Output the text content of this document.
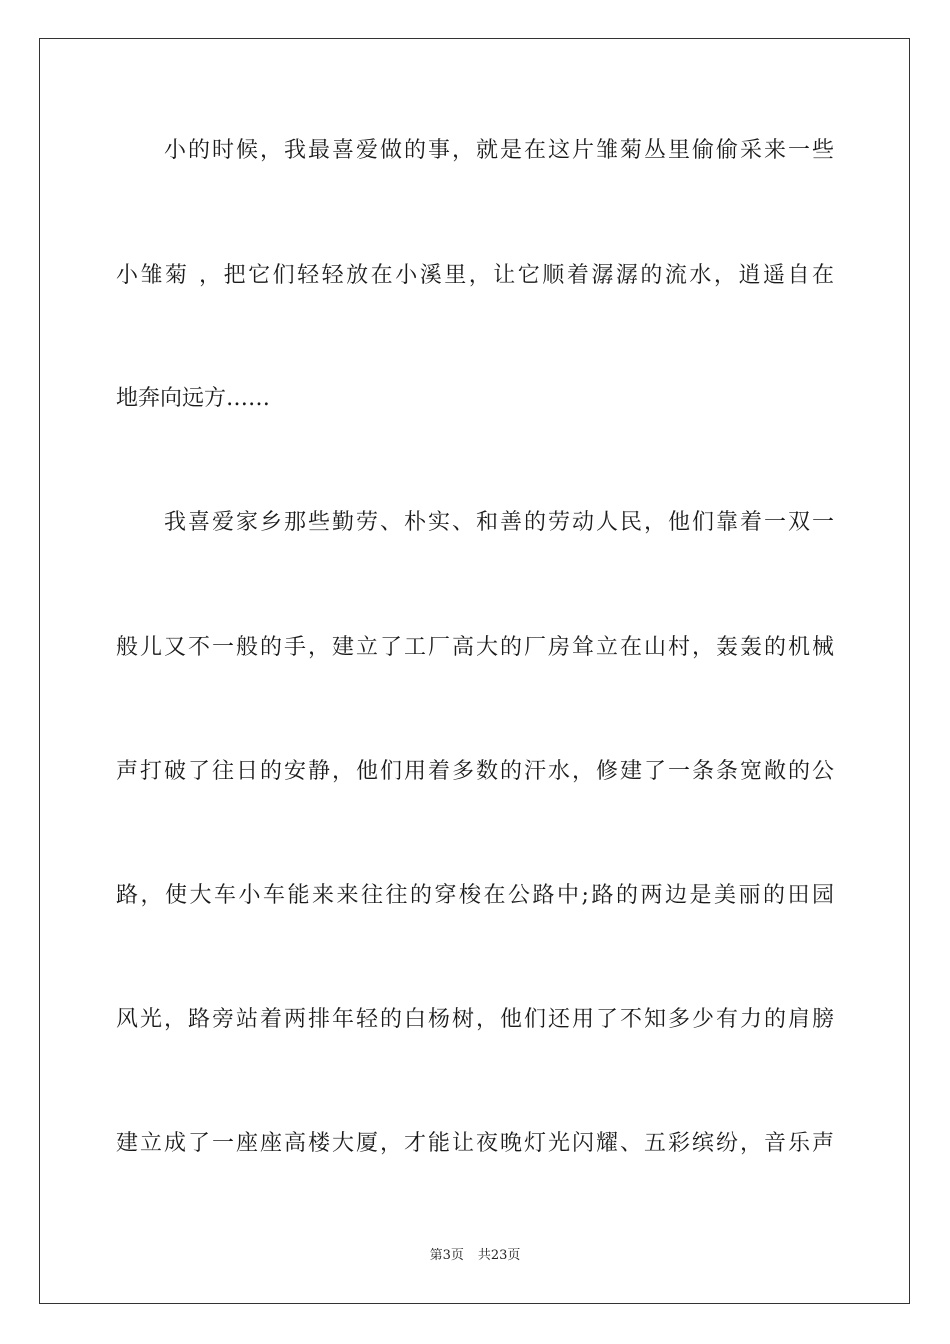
小的时候，我最喜爱做的事，就是在这片雏菊丛里偷偷采来一些
小雏菊 ，把它们轻轻放在小溪里，让它顺着潺潺的流水，逍遥自在
地奔向远方……
我喜爱家乡那些勤劳、朴实、和善的劳动人民，他们靠着一双一
般儿又不一般的手，建立了工厂高大的厂房耸立在山村，轰轰的机械
声打破了往日的安静，他们用着多数的汗水，修建了一条条宽敞的公
路，使大车小车能来来往往的穿梭在公路中;路的两边是美丽的田园
风光，路旁站着两排年轻的白杨树，他们还用了不知多少有力的肩膀
建立成了一座座高楼大厦，才能让夜晚灯光闪耀、五彩缤纷，音乐声
第3页 共23页
